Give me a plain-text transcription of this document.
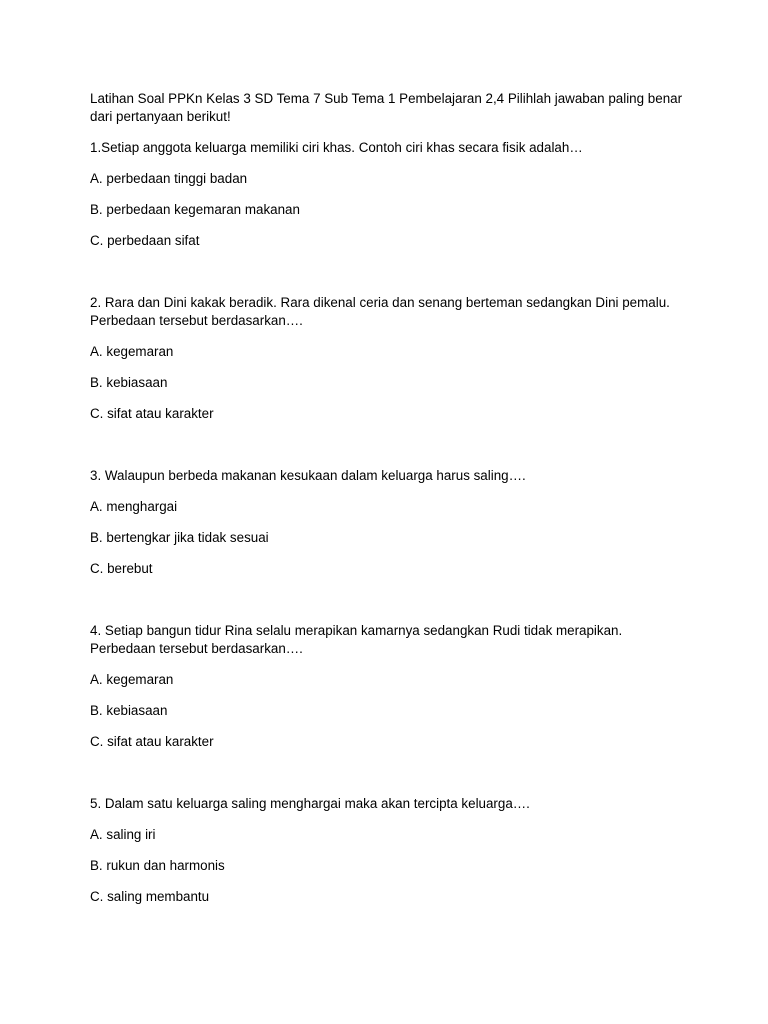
Latihan Soal PPKn Kelas 3 SD Tema 7 Sub Tema 1 Pembelajaran 2,4 Pilihlah jawaban paling benar dari pertanyaan berikut!

1.Setiap anggota keluarga memiliki ciri khas. Contoh ciri khas secara fisik adalah…

A. perbedaan tinggi badan

B. perbedaan kegemaran makanan

C. perbedaan sifat

2. Rara dan Dini kakak beradik. Rara dikenal ceria dan senang berteman sedangkan Dini pemalu. Perbedaan tersebut berdasarkan….

A. kegemaran

B. kebiasaan

C. sifat atau karakter

3. Walaupun berbeda makanan kesukaan dalam keluarga harus saling….

A. menghargai

B. bertengkar jika tidak sesuai

C. berebut

4. Setiap bangun tidur Rina selalu merapikan kamarnya sedangkan Rudi tidak merapikan. Perbedaan tersebut berdasarkan….

A. kegemaran

B. kebiasaan

C. sifat atau karakter

5. Dalam satu keluarga saling menghargai maka akan tercipta keluarga….

A. saling iri

B. rukun dan harmonis

C. saling membantu
